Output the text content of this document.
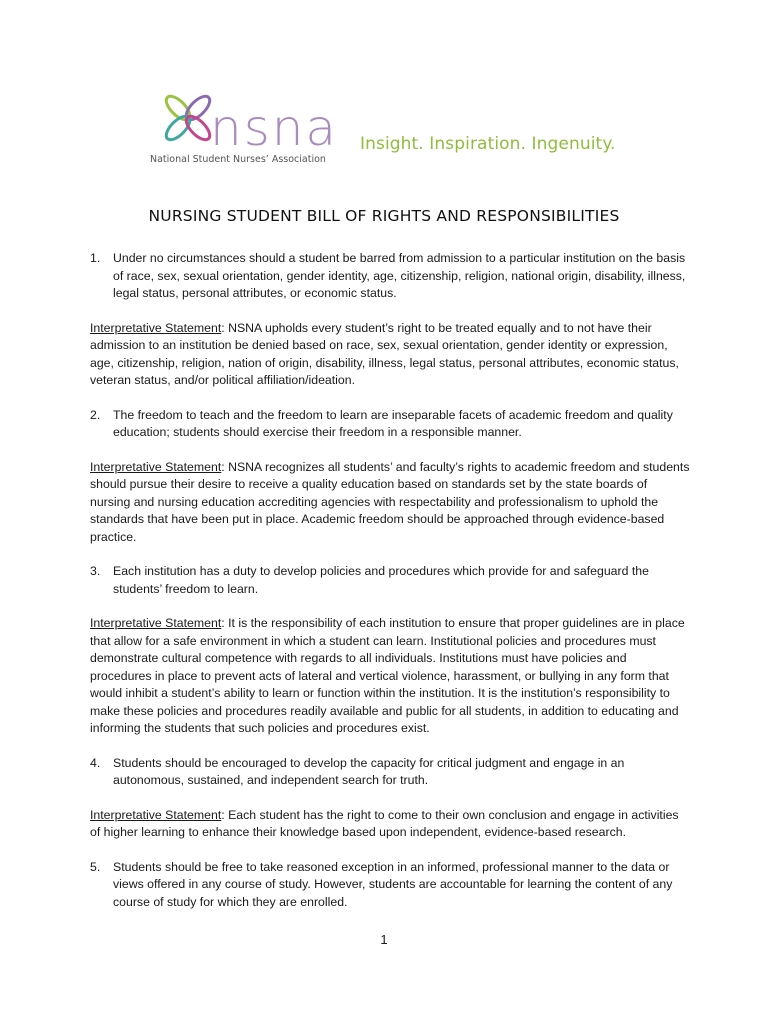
nsna
National Student Nurses’ Association
Insight. Inspiration. Ingenuity.
NURSING STUDENT BILL OF RIGHTS AND RESPONSIBILITIES
1. Under no circumstances should a student be barred from admission to a particular institution on the basis of race, sex, sexual orientation, gender identity, age, citizenship, religion, national origin, disability, illness, legal status, personal attributes, or economic status.
Interpretative Statement: NSNA upholds every student’s right to be treated equally and to not have their admission to an institution be denied based on race, sex, sexual orientation, gender identity or expression, age, citizenship, religion, nation of origin, disability, illness, legal status, personal attributes, economic status, veteran status, and/or political affiliation/ideation.
2. The freedom to teach and the freedom to learn are inseparable facets of academic freedom and quality education; students should exercise their freedom in a responsible manner.
Interpretative Statement: NSNA recognizes all students’ and faculty’s rights to academic freedom and students should pursue their desire to receive a quality education based on standards set by the state boards of nursing and nursing education accrediting agencies with respectability and professionalism to uphold the standards that have been put in place. Academic freedom should be approached through evidence-based practice.
3. Each institution has a duty to develop policies and procedures which provide for and safeguard the students’ freedom to learn.
Interpretative Statement: It is the responsibility of each institution to ensure that proper guidelines are in place that allow for a safe environment in which a student can learn. Institutional policies and procedures must demonstrate cultural competence with regards to all individuals. Institutions must have policies and procedures in place to prevent acts of lateral and vertical violence, harassment, or bullying in any form that would inhibit a student’s ability to learn or function within the institution. It is the institution’s responsibility to make these policies and procedures readily available and public for all students, in addition to educating and informing the students that such policies and procedures exist.
4. Students should be encouraged to develop the capacity for critical judgment and engage in an autonomous, sustained, and independent search for truth.
Interpretative Statement: Each student has the right to come to their own conclusion and engage in activities of higher learning to enhance their knowledge based upon independent, evidence-based research.
5. Students should be free to take reasoned exception in an informed, professional manner to the data or views offered in any course of study. However, students are accountable for learning the content of any course of study for which they are enrolled.
1
